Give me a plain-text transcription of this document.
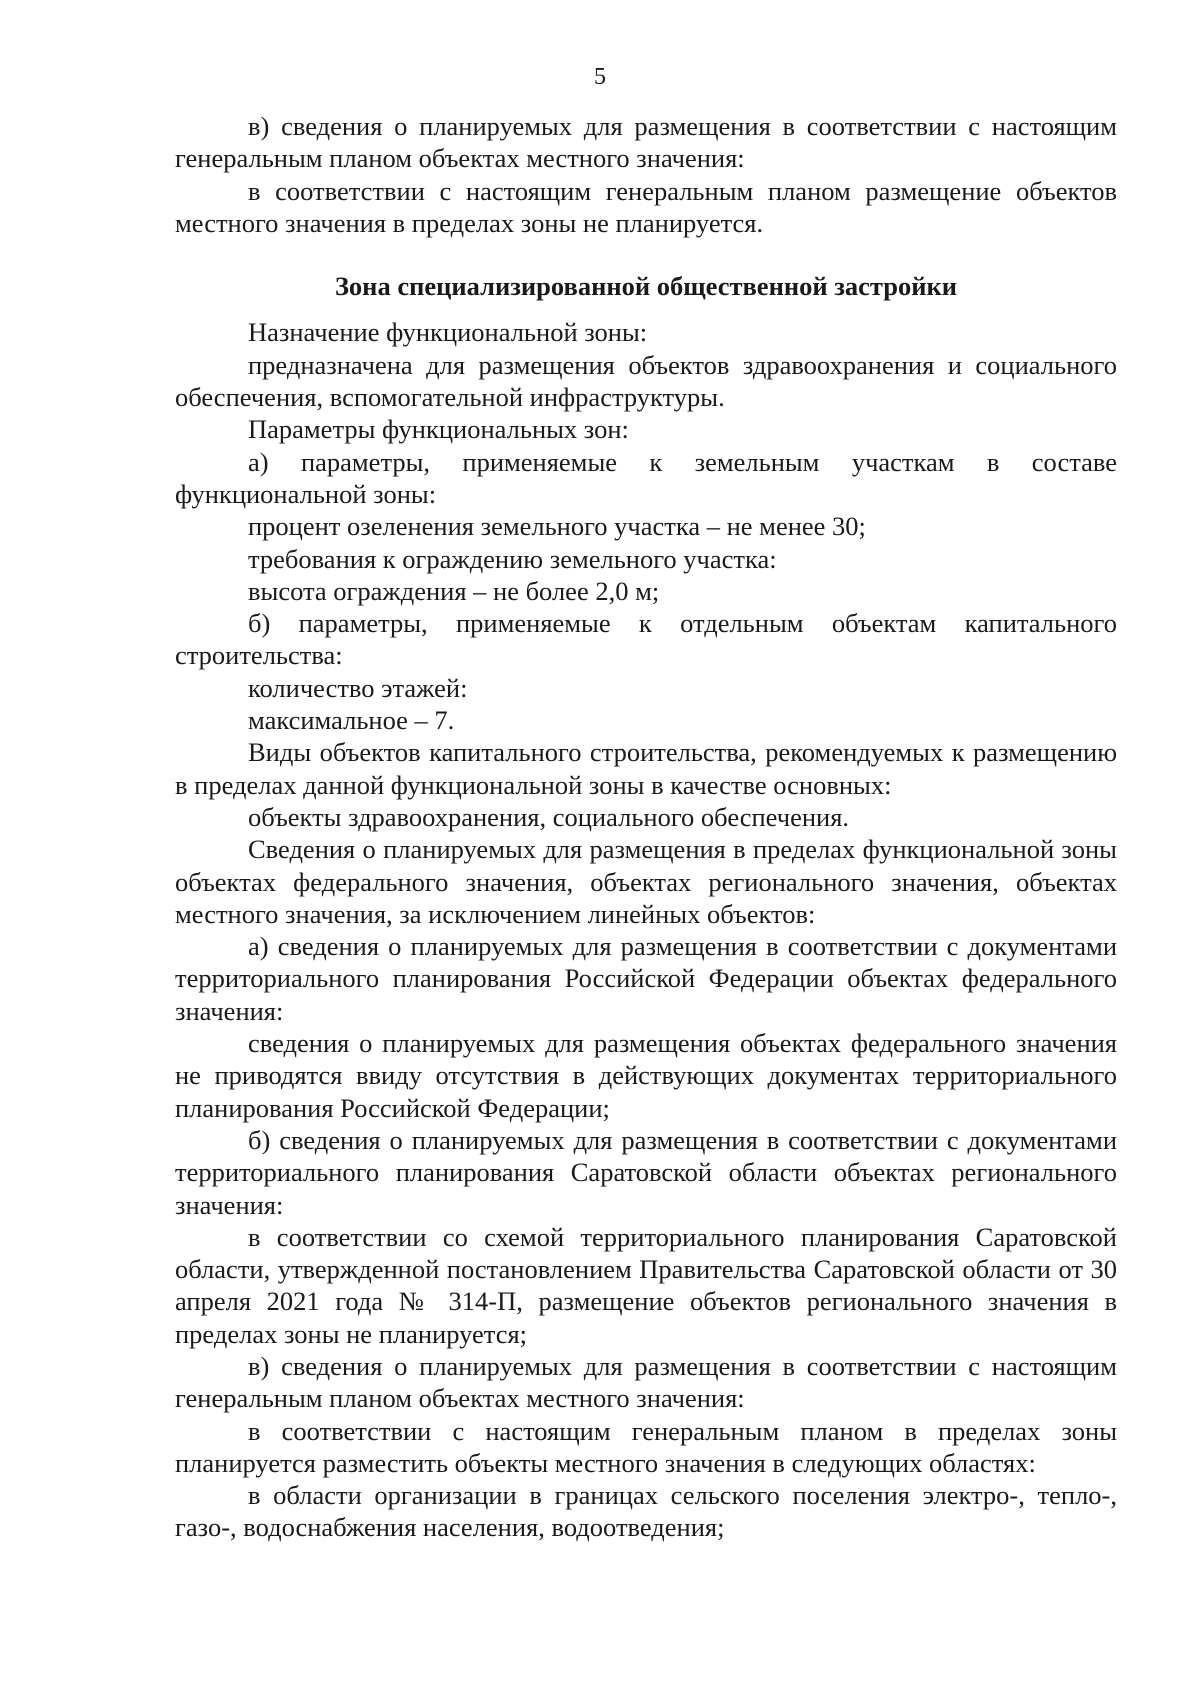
5

в) сведения о планируемых для размещения в соответствии с настоящим генеральным планом объектах местного значения:

в соответствии с настоящим генеральным планом размещение объектов местного значения в пределах зоны не планируется.

Зона специализированной общественной застройки

Назначение функциональной зоны:

предназначена для размещения объектов здравоохранения и социального обеспечения, вспомогательной инфраструктуры.

Параметры функциональных зон:

а) параметры, применяемые к земельным участкам в составе функциональной зоны:

процент озеленения земельного участка – не менее 30;

требования к ограждению земельного участка:

высота ограждения – не более 2,0 м;

б) параметры, применяемые к отдельным объектам капитального строительства:

количество этажей:

максимальное – 7.

Виды объектов капитального строительства, рекомендуемых к размещению в пределах данной функциональной зоны в качестве основных:

объекты здравоохранения, социального обеспечения.

Сведения о планируемых для размещения в пределах функциональной зоны объектах федерального значения, объектах регионального значения, объектах местного значения, за исключением линейных объектов:

а) сведения о планируемых для размещения в соответствии с документами территориального планирования Российской Федерации объектах федерального значения:

сведения о планируемых для размещения объектах федерального значения не приводятся ввиду отсутствия в действующих документах территориального планирования Российской Федерации;

б) сведения о планируемых для размещения в соответствии с документами территориального планирования Саратовской области объектах регионального значения:

в соответствии со схемой территориального планирования Саратовской области, утвержденной постановлением Правительства Саратовской области от 30 апреля 2021 года № 314-П, размещение объектов регионального значения в пределах зоны не планируется;

в) сведения о планируемых для размещения в соответствии с настоящим генеральным планом объектах местного значения:

в соответствии с настоящим генеральным планом в пределах зоны планируется разместить объекты местного значения в следующих областях:

в области организации в границах сельского поселения электро-, тепло-, газо-, водоснабжения населения, водоотведения;
